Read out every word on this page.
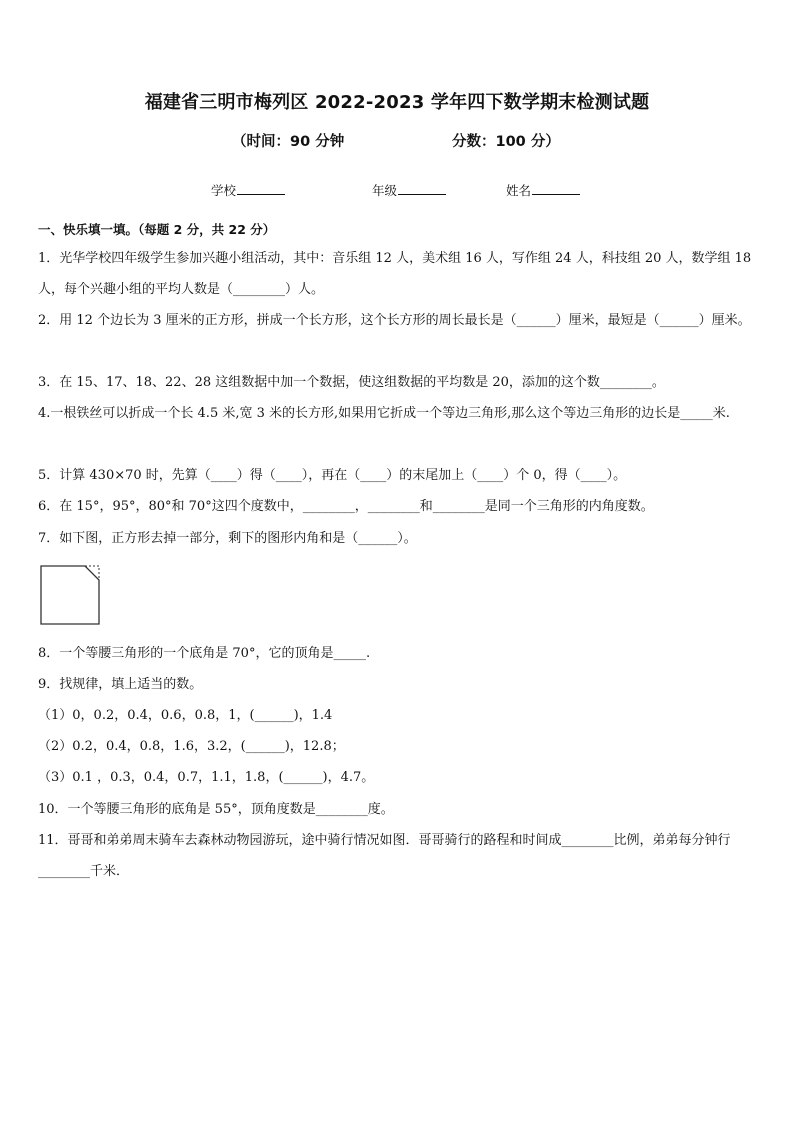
福建省三明市梅列区 2022-2023 学年四下数学期末检测试题
（时间：90 分钟	分数：100 分）
学校	年级	姓名
一、快乐填一填。（每题 2 分，共 22 分）
1．光华学校四年级学生参加兴趣小组活动，其中：音乐组 12 人，美术组 16 人，写作组 24 人，科技组 20 人，数学组 18 人，每个兴趣小组的平均人数是（________）人。
2．用 12 个边长为 3 厘米的正方形，拼成一个长方形，这个长方形的周长最长是（______）厘米，最短是（______）厘米。
3．在 15、17、18、22、28 这组数据中加一个数据，使这组数据的平均数是 20，添加的这个数________。
4.一根铁丝可以折成一个长 4.5 米,宽 3 米的长方形,如果用它折成一个等边三角形,那么这个等边三角形的边长是_____米.
5．计算 430×70 时，先算（____）得（____），再在（____）的末尾加上（____）个 0，得（____）。
6．在 15°，95°，80°和 70°这四个度数中，________，________和________是同一个三角形的内角度数。
7．如下图，正方形去掉一部分，剩下的图形内角和是（______）。
8．一个等腰三角形的一个底角是 70°，它的顶角是_____.
9．找规律，填上适当的数。
（1）0，0.2，0.4，0.6，0.8，1，(______)，1.4
（2）0.2，0.4，0.8，1.6，3.2，(______)，12.8；
（3）0.1 ，0.3，0.4，0.7，1.1，1.8，(______)，4.7。
10．一个等腰三角形的底角是 55°，顶角度数是________度。
11．哥哥和弟弟周末骑车去森林动物园游玩，途中骑行情况如图．哥哥骑行的路程和时间成________比例，弟弟每分钟行________千米．
